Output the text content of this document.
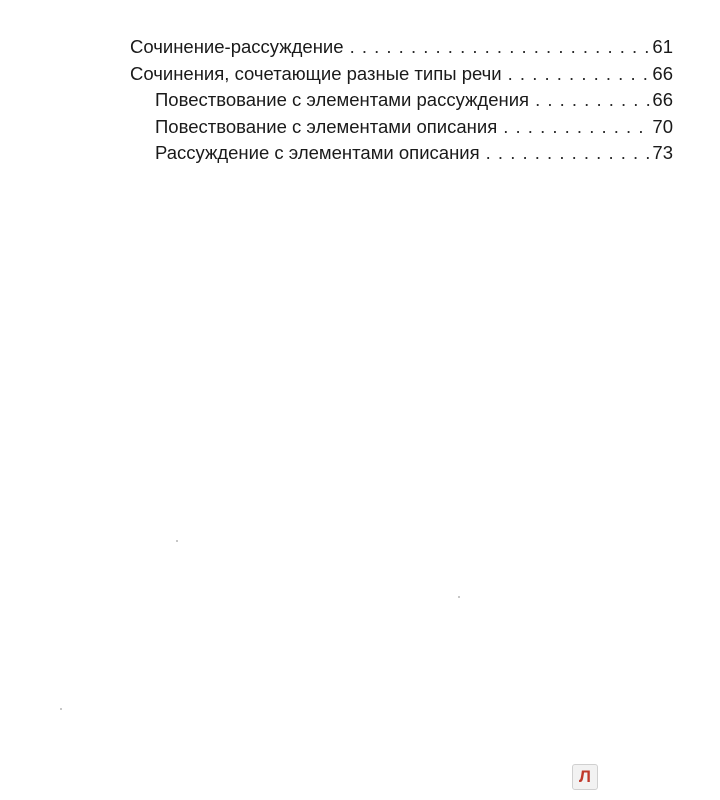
Сочинение-рассуждение . . .	61
Сочинения, сочетающие разные типы речи . . .	66
Повествование с элементами рассуждения . . .	66
Повествование с элементами описания . . .	70
Рассуждение с элементами описания . . .	73
Л
